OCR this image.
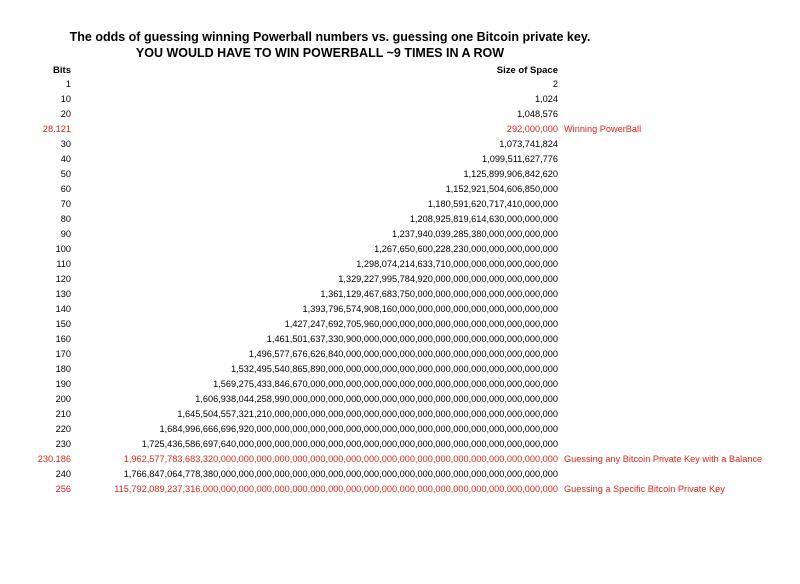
The odds of guessing winning Powerball numbers vs. guessing one Bitcoin private key.
YOU WOULD HAVE TO WIN POWERBALL ~9 TIMES IN A ROW
Bits	Size of Space
1	2
10	1,024
20	1,048,576
28.121	292,000,000 Winning PowerBall
30	1,073,741,824
40	1,099,511,627,776
50	1,125,899,906,842,620
60	1,152,921,504,606,850,000
70	1,180,591,620,717,410,000,000
80	1,208,925,819,614,630,000,000,000
90	1,237,940,039,285,380,000,000,000,000
100	1,267,650,600,228,230,000,000,000,000,000
110	1,298,074,214,633,710,000,000,000,000,000,000
120	1,329,227,995,784,920,000,000,000,000,000,000,000
130	1,361,129,467,683,750,000,000,000,000,000,000,000,000
140	1,393,796,574,908,160,000,000,000,000,000,000,000,000,000
150	1,427,247,692,705,960,000,000,000,000,000,000,000,000,000,000
160	1,461,501,637,330,900,000,000,000,000,000,000,000,000,000,000,000
170	1,496,577,676,626,840,000,000,000,000,000,000,000,000,000,000,000,000
180	1,532,495,540,865,890,000,000,000,000,000,000,000,000,000,000,000,000,000
190	1,569,275,433,846,670,000,000,000,000,000,000,000,000,000,000,000,000,000,000
200	1,606,938,044,258,990,000,000,000,000,000,000,000,000,000,000,000,000,000,000,000
210	1,645,504,557,321,210,000,000,000,000,000,000,000,000,000,000,000,000,000,000,000,000
220	1,684,996,666,696,920,000,000,000,000,000,000,000,000,000,000,000,000,000,000,000,000,000
230	1,725,436,586,697,640,000,000,000,000,000,000,000,000,000,000,000,000,000,000,000,000,000,000
230.186	1,962,577,783,683,320,000,000,000,000,000,000,000,000,000,000,000,000,000,000,000,000,000,000,000 Guessing any Bitcoin Private Key with a Balance
240	1,766,847,064,778,380,000,000,000,000,000,000,000,000,000,000,000,000,000,000,000,000,000,000,000
256	115,792,089,237,316,000,000,000,000,000,000,000,000,000,000,000,000,000,000,000,000,000,000,000,000 Guessing a Specific Bitcoin Private Key
